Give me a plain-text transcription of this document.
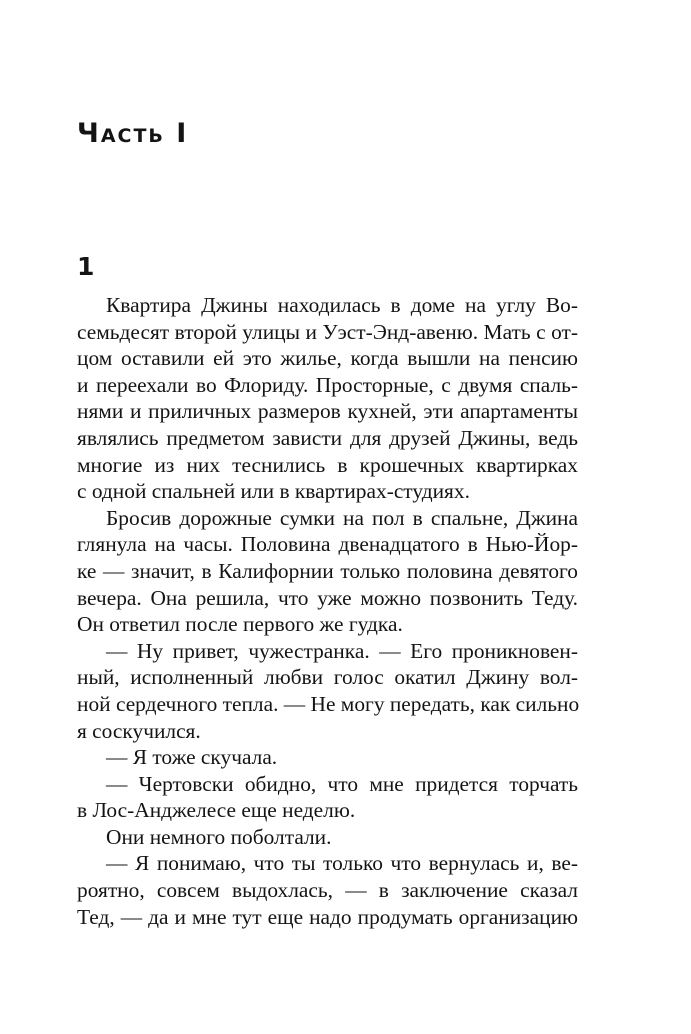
Часть I
1
Квартира Джины находилась в доме на углу Во-
семьдесят второй улицы и Уэст-Энд-авеню. Мать с от-
цом оставили ей это жилье, когда вышли на пенсию
и переехали во Флориду. Просторные, с двумя спаль-
нями и приличных размеров кухней, эти апартаменты
являлись предметом зависти для друзей Джины, ведь
многие из них теснились в крошечных квартирках
с одной спальней или в квартирах-студиях.
Бросив дорожные сумки на пол в спальне, Джина
глянула на часы. Половина двенадцатого в Нью-Йор-
ке — значит, в Калифорнии только половина девятого
вечера. Она решила, что уже можно позвонить Теду.
Он ответил после первого же гудка.
— Ну привет, чужестранка. — Его проникновен-
ный, исполненный любви голос окатил Джину вол-
ной сердечного тепла. — Не могу передать, как сильно
я соскучился.
— Я тоже скучала.
— Чертовски обидно, что мне придется торчать
в Лос-Анджелесе еще неделю.
Они немного поболтали.
— Я понимаю, что ты только что вернулась и, ве-
роятно, совсем выдохлась, — в заключение сказал
Тед, — да и мне тут еще надо продумать организацию
